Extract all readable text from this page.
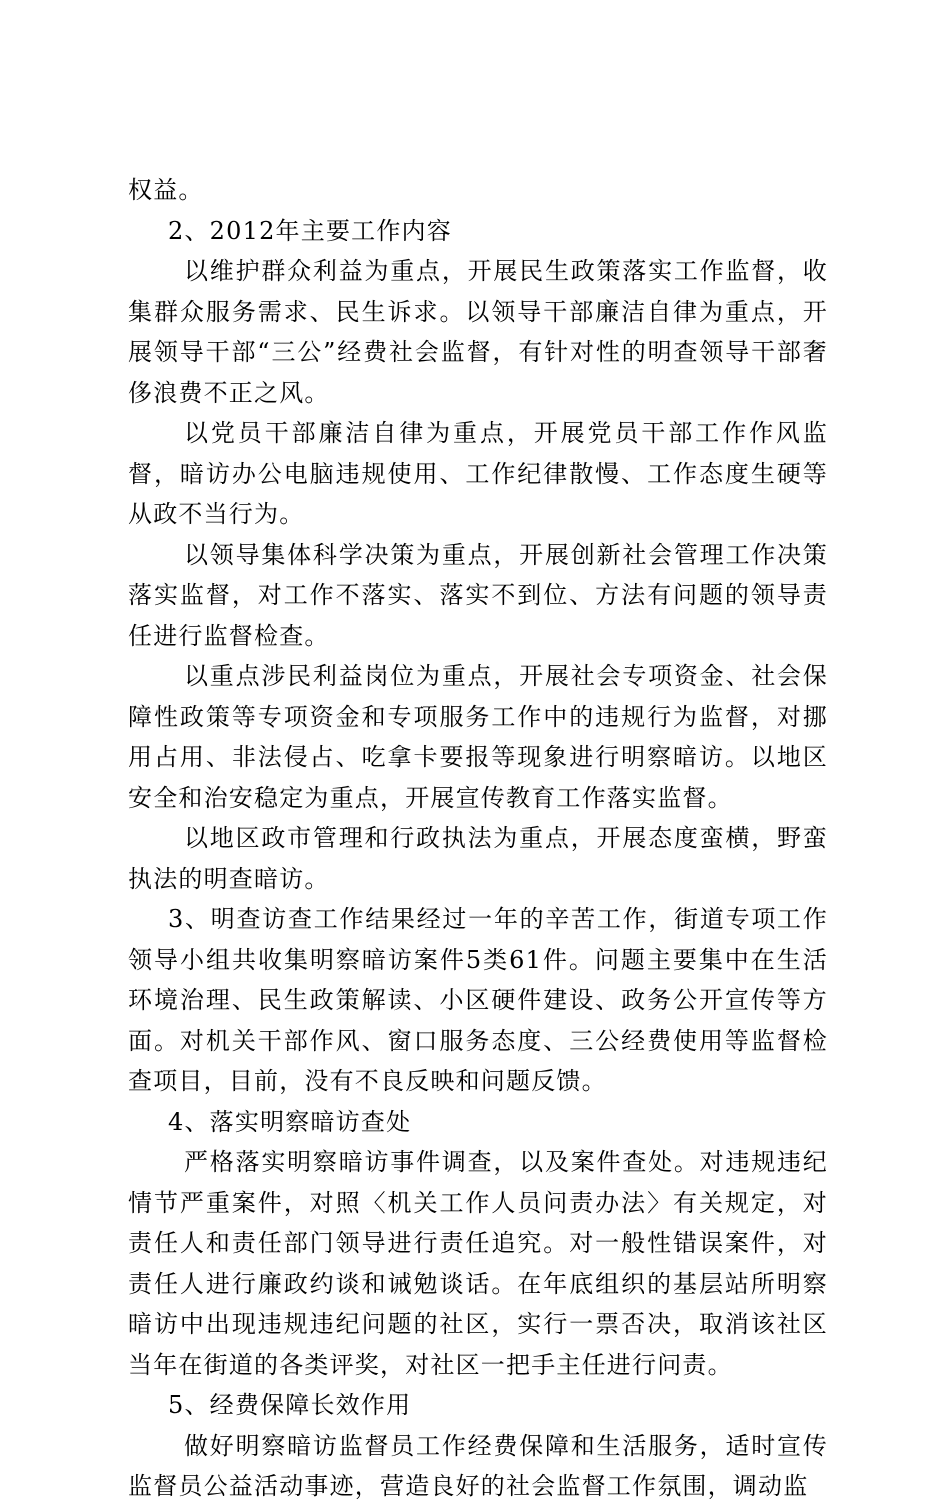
权益。

2、2012年主要工作内容

以维护群众利益为重点，开展民生政策落实工作监督，收集群众服务需求、民生诉求。以领导干部廉洁自律为重点，开展领导干部“三公”经费社会监督，有针对性的明查领导干部奢侈浪费不正之风。

以党员干部廉洁自律为重点，开展党员干部工作作风监督，暗访办公电脑违规使用、工作纪律散慢、工作态度生硬等从政不当行为。

以领导集体科学决策为重点，开展创新社会管理工作决策落实监督，对工作不落实、落实不到位、方法有问题的领导责任进行监督检查。

以重点涉民利益岗位为重点，开展社会专项资金、社会保障性政策等专项资金和专项服务工作中的违规行为监督，对挪用占用、非法侵占、吃拿卡要报等现象进行明察暗访。以地区安全和治安稳定为重点，开展宣传教育工作落实监督。

以地区政市管理和行政执法为重点，开展态度蛮横，野蛮执法的明查暗访。

3、明查访查工作结果经过一年的辛苦工作，街道专项工作领导小组共收集明察暗访案件5类61件。问题主要集中在生活环境治理、民生政策解读、小区硬件建设、政务公开宣传等方面。对机关干部作风、窗口服务态度、三公经费使用等监督检查项目，目前，没有不良反映和问题反馈。

4、落实明察暗访查处

严格落实明察暗访事件调查，以及案件查处。对违规违纪情节严重案件，对照〈机关工作人员问责办法〉有关规定，对责任人和责任部门领导进行责任追究。对一般性错误案件，对责任人进行廉政约谈和诫勉谈话。在年底组织的基层站所明察暗访中出现违规违纪问题的社区，实行一票否决，取消该社区当年在街道的各类评奖，对社区一把手主任进行问责。

5、经费保障长效作用

做好明察暗访监督员工作经费保障和生活服务，适时宣传监督员公益活动事迹，营造良好的社会监督工作氛围，调动监
